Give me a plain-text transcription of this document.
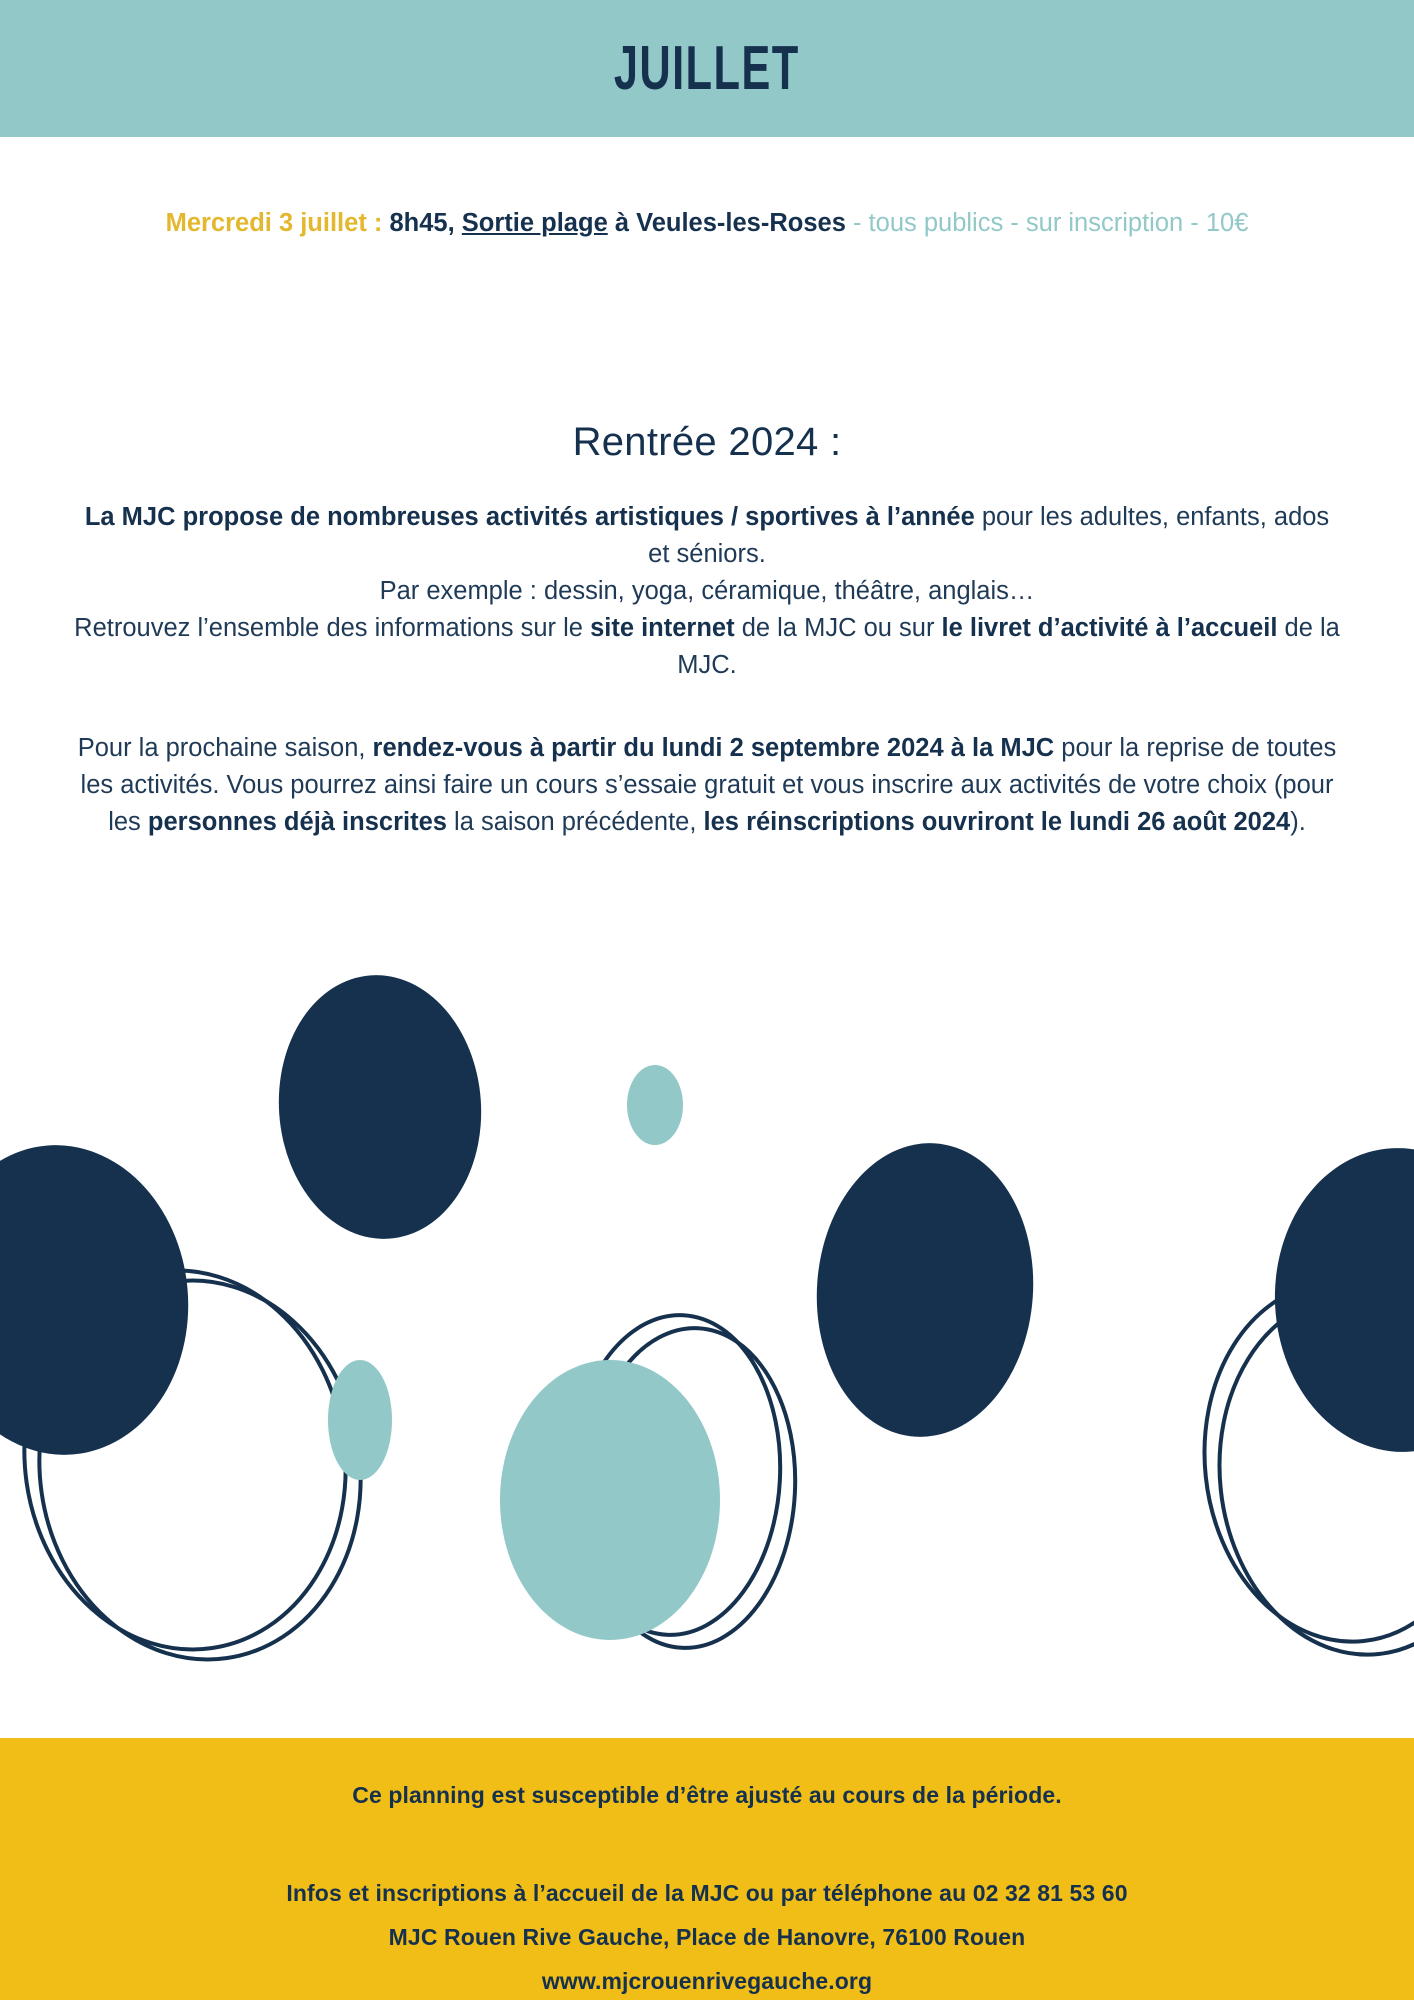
JUILLET
Mercredi 3 juillet : 8h45, Sortie plage à Veules-les-Roses - tous publics - sur inscription - 10€
Rentrée 2024 :
La MJC propose de nombreuses activités artistiques / sportives à l’année pour les adultes, enfants, ados et séniors.
Par exemple : dessin, yoga, céramique, théâtre, anglais…
Retrouvez l’ensemble des informations sur le site internet de la MJC ou sur le livret d’activité à l’accueil de la MJC.
Pour la prochaine saison, rendez-vous à partir du lundi 2 septembre 2024 à la MJC pour la reprise de toutes les activités. Vous pourrez ainsi faire un cours s’essaie gratuit et vous inscrire aux activités de votre choix (pour les personnes déjà inscrites la saison précédente, les réinscriptions ouvriront le lundi 26 août 2024).
Ce planning est susceptible d’être ajusté au cours de la période.
Infos et inscriptions à l’accueil de la MJC ou par téléphone au 02 32 81 53 60
MJC Rouen Rive Gauche, Place de Hanovre, 76100 Rouen
www.mjcrouenrivegauche.org
